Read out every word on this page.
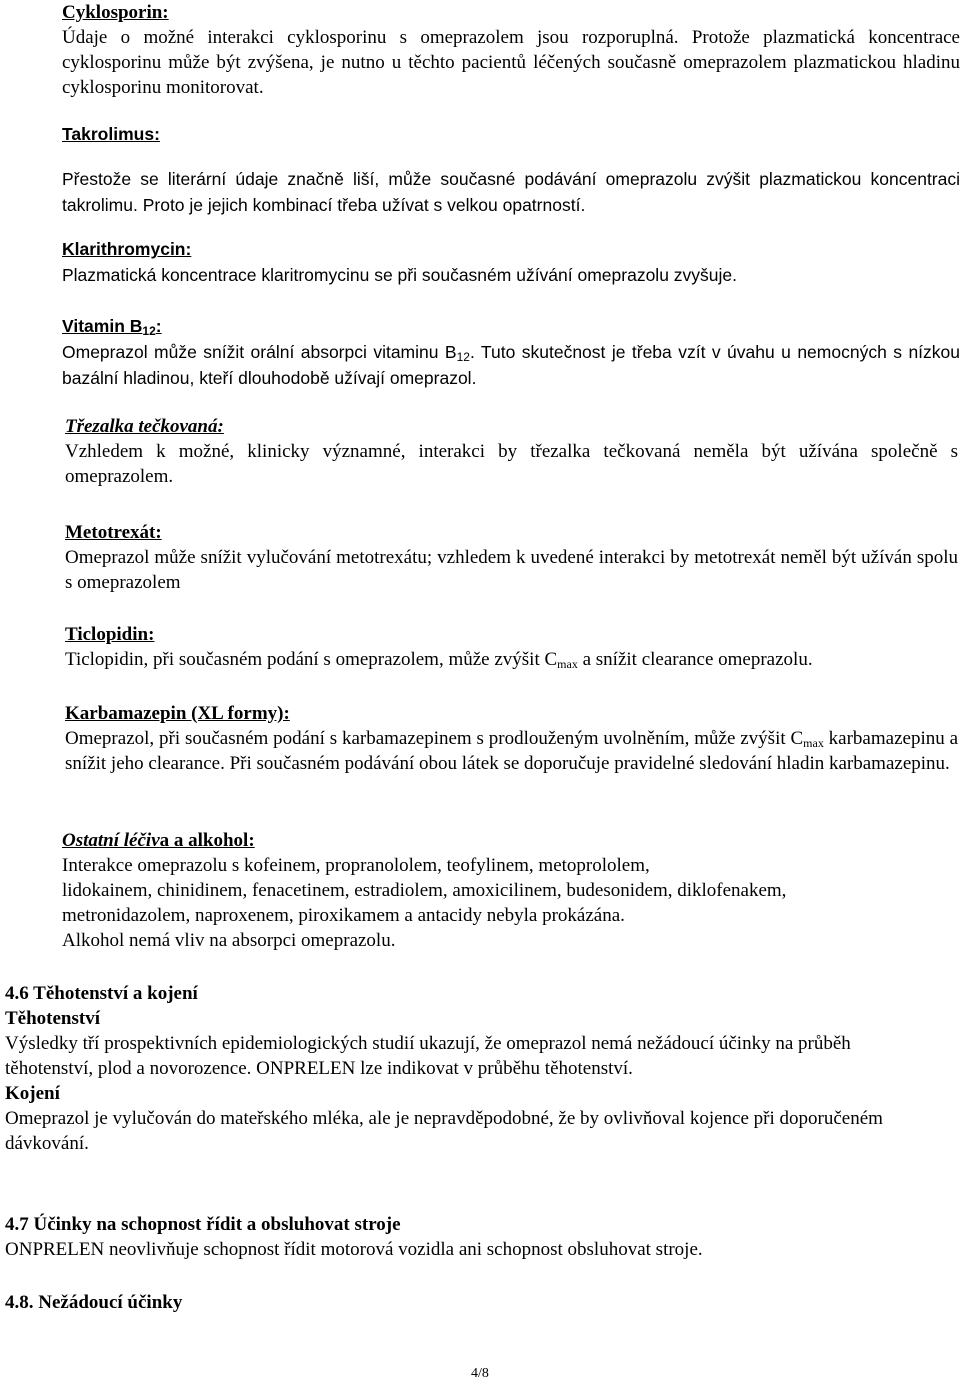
Cyklosporin:
Údaje o možné interakci cyklosporinu s omeprazolem jsou rozporuplná. Protože plazmatická koncentrace cyklosporinu může být zvýšena, je nutno u těchto pacientů léčených současně omeprazolem plazmatickou hladinu cyklosporinu monitorovat.
Takrolimus:
Přestože se literární údaje značně liší, může současné podávání omeprazolu zvýšit plazmatickou koncentraci takrolimu. Proto je jejich kombinací třeba užívat s velkou opatrností.
Klarithromycin:
Plazmatická koncentrace klaritromycinu se při současném užívání omeprazolu zvyšuje.
Vitamin $B_{12}$:
Omeprazol může snížit orální absorpci vitaminu $B_{12}$. Tuto skutečnost je třeba vzít v úvahu u nemocných s nízkou bazální hladinou, kteří dlouhodobě užívají omeprazol.
Třezalka tečkovaná:
Vzhledem k možné, klinicky významné, interakci by třezalka tečkovaná neměla být užívána společně s omeprazolem.
Metotrexát:
Omeprazol může snížit vylučování metotrexátu; vzhledem k uvedené interakci by metotrexát neměl být užíván spolu s omeprazolem
Ticlopidin:
Ticlopidin, při současném podání s omeprazolem, může zvýšit $C_{max}$ a snížit clearance omeprazolu.
Karbamazepin (XL formy):
Omeprazol, při současném podání s karbamazepinem s prodlouženým uvolněním, může zvýšit $C_{max}$ karbamazepinu a snížit jeho clearance. Při současném podávání obou látek se doporučuje pravidelné sledování hladin karbamazepinu.
Ostatní léčiva a alkohol:
Interakce omeprazolu s kofeinem, propranololem, teofylinem, metoprololem,
lidokainem, chinidinem, fenacetinem, estradiolem, amoxicilinem, budesonidem, diklofenakem,
metronidazolem, naproxenem, piroxikamem a antacidy nebyla prokázána.
Alkohol nemá vliv na absorpci omeprazolu.
4.6 Těhotenství a kojení
Těhotenství
Výsledky tří prospektivních epidemiologických studií ukazují, že omeprazol nemá nežádoucí účinky na průběh těhotenství, plod a novorozence. ONPRELEN lze indikovat v průběhu těhotenství.
Kojení
Omeprazol je vylučován do mateřského mléka, ale je nepravděpodobné, že by ovlivňoval kojence při doporučeném dávkování.
4.7 Účinky na schopnost řídit a obsluhovat stroje
ONPRELEN neovlivňuje schopnost řídit motorová vozidla ani schopnost obsluhovat stroje.
4.8. Nežádoucí účinky
4/8
